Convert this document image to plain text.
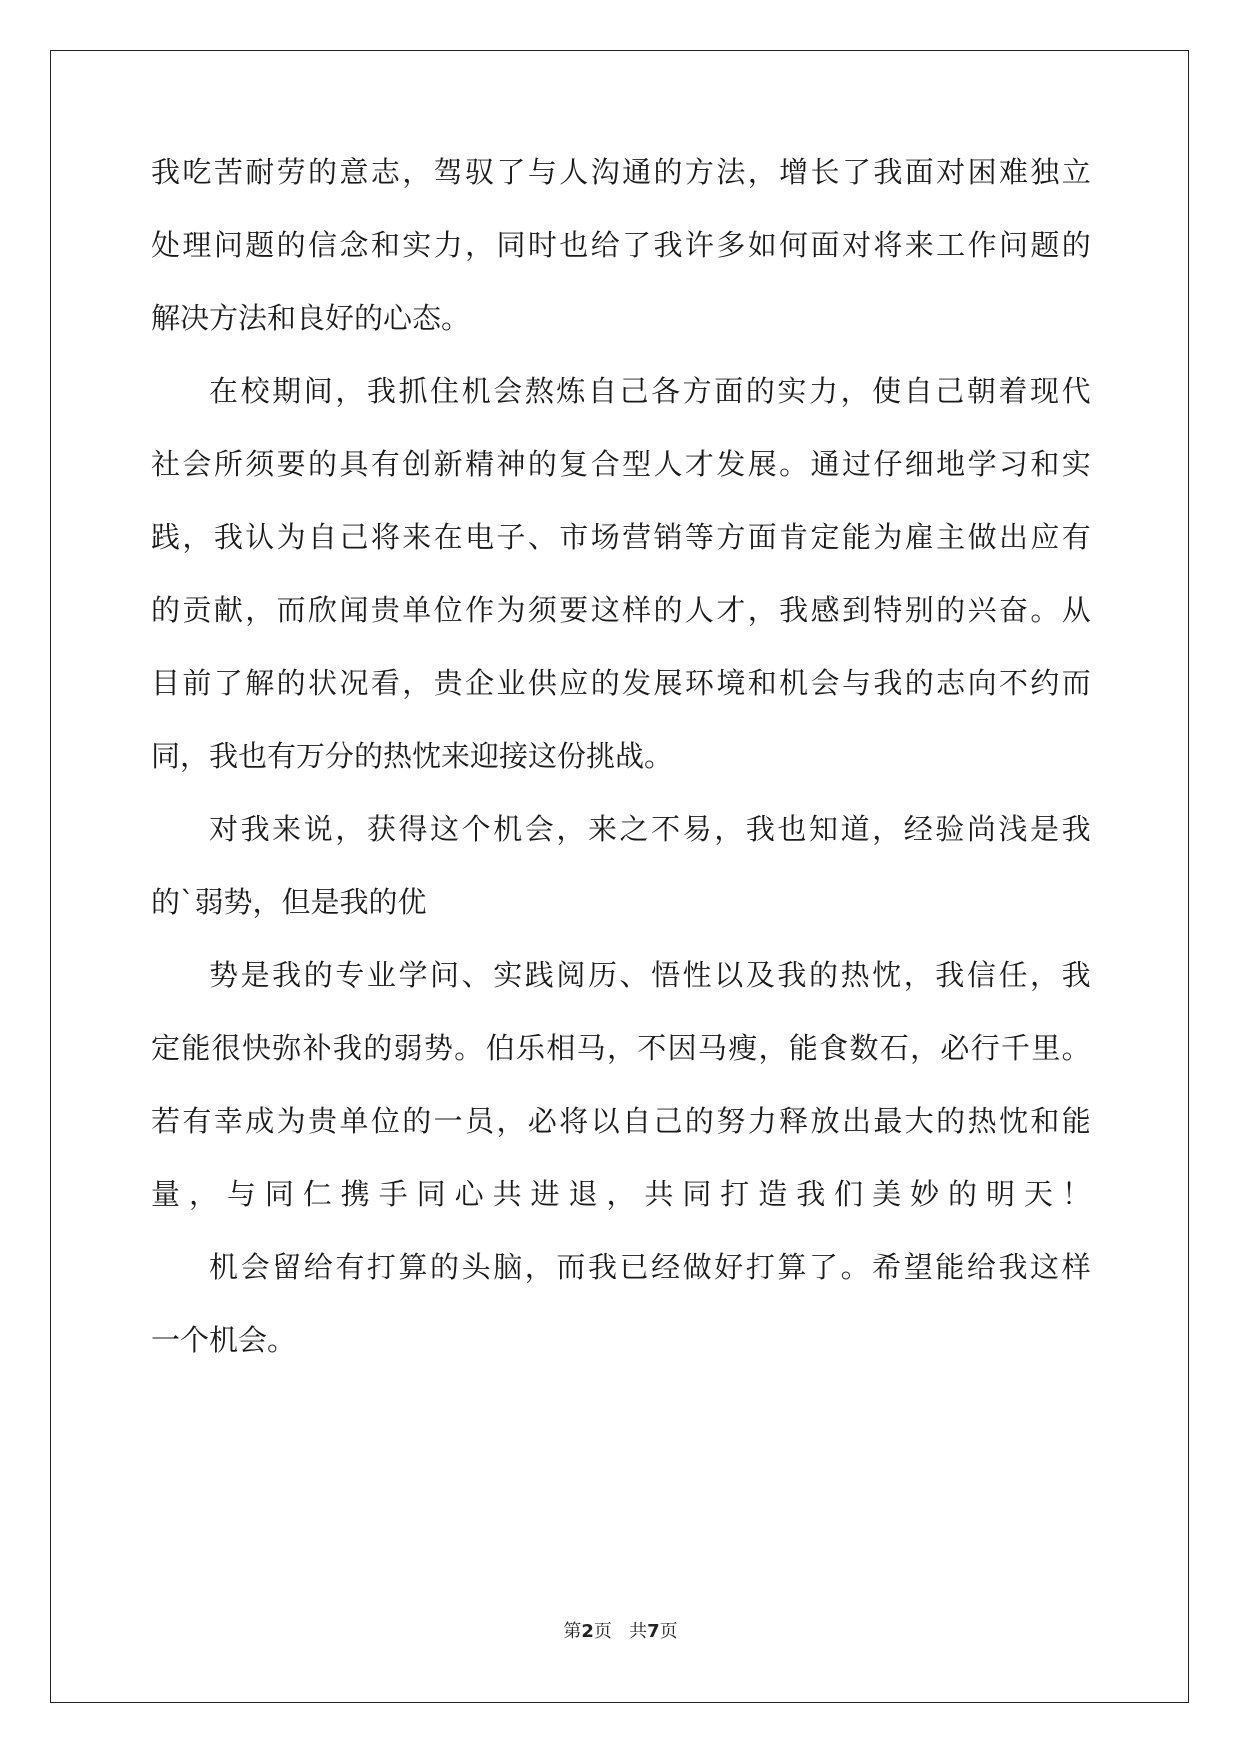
我 吃 苦 耐 劳 的 意 志 ， 驾 驭 了 与 人 沟 通 的 方 法 ， 增 长 了 我 面 对 困 难 独 立
处 理 问 题 的 信 念 和 实 力 ， 同 时 也 给 了 我 许 多 如 何 面 对 将 来 工 作 问 题 的
解决方法和良好的心态。
在 校 期 间 ， 我 抓 住 机 会 熬 炼 自 己 各 方 面 的 实 力 ， 使 自 己 朝 着 现 代
社 会 所 须 要 的 具 有 创 新 精 神 的 复 合 型 人 才 发 展 。 通 过 仔 细 地 学 习 和 实
践 ， 我 认 为 自 己 将 来 在 电 子 、 市 场 营 销 等 方 面 肯 定 能 为 雇 主 做 出 应 有
的 贡 献 ， 而 欣 闻 贵 单 位 作 为 须 要 这 样 的 人 才 ， 我 感 到 特 别 的 兴 奋 。 从
目 前 了 解 的 状 况 看 ， 贵 企 业 供 应 的 发 展 环 境 和 机 会 与 我 的 志 向 不 约 而
同，我也有万分的热忱来迎接这份挑战。
对 我 来 说 ， 获 得 这 个 机 会 ， 来 之 不 易 ， 我 也 知 道 ， 经 验 尚 浅 是 我
的`弱势，但是我的优
势 是 我 的 专 业 学 问 、 实 践 阅 历 、 悟 性 以 及 我 的 热 忱 ， 我 信 任 ， 我
定 能 很 快 弥 补 我 的 弱 势 。 伯 乐 相 马 ， 不 因 马 瘦 ， 能 食 数 石 ， 必 行 千 里 。
若 有 幸 成 为 贵 单 位 的 一 员 ， 必 将 以 自 己 的 努 力 释 放 出 最 大 的 热 忱 和 能
量 ， 与 同 仁 携 手 同 心 共 进 退 ， 共 同 打 造 我 们 美 妙 的 明 天 ！
机 会 留 给 有 打 算 的 头 脑 ， 而 我 已 经 做 好 打 算 了 。 希 望 能 给 我 这 样
一个机会。
第2页 共7页
